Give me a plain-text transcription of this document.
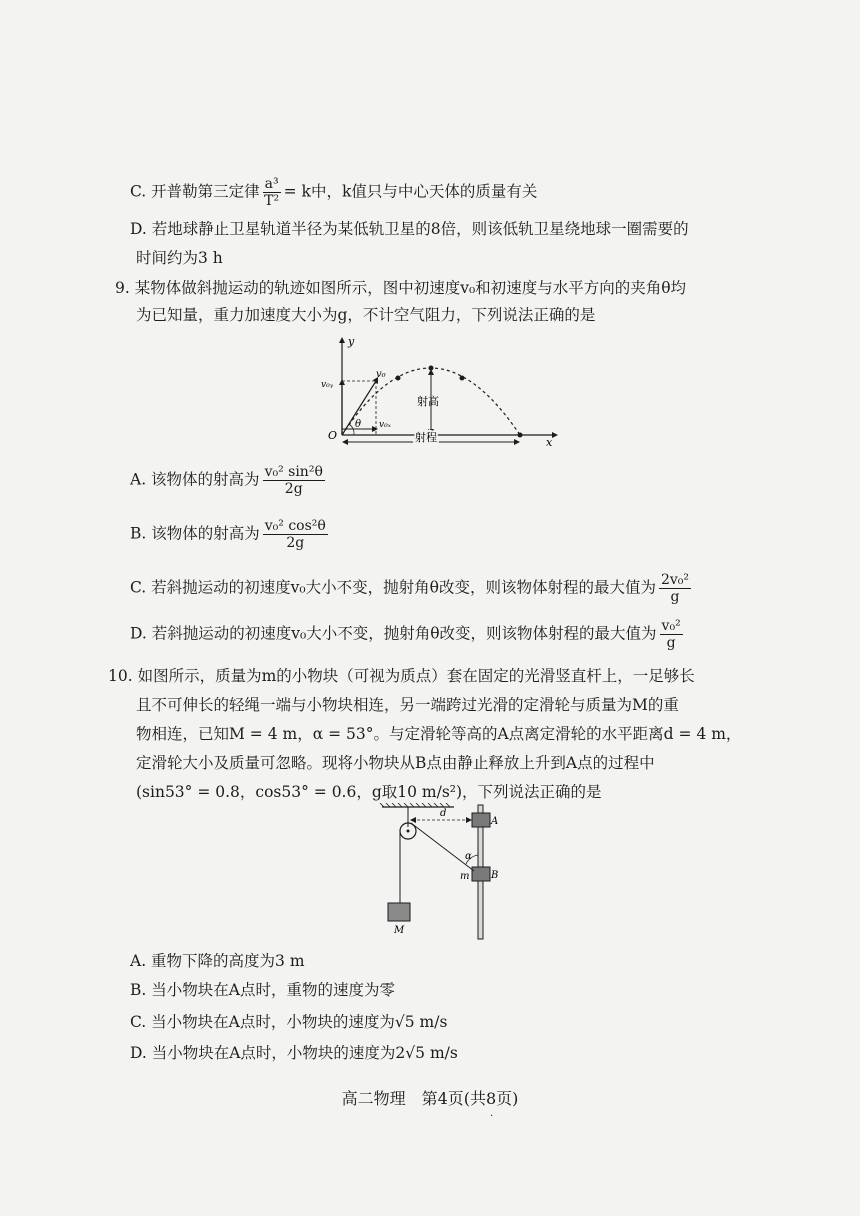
C. 开普勒第三定律 $\frac{\text{a³}}{\text{T²}} = k$中，k值只与中心天体的质量有关
D. 若地球静止卫星轨道半径为某低轨卫星的8倍，则该低轨卫星绕地球一圈需要的
时间约为3 h
9. 某物体做斜抛运动的轨迹如图所示，图中初速度v₀和初速度与水平方向的夹角θ均
为已知量，重力加速度大小为g，不计空气阻力，下列说法正确的是
y
x
O
v₀
v₀ᵧ
v₀ₓ
θ
射高
射程
A. 该物体的射高为 $\frac{\text{v₀² sin²θ}}{2g}$
B. 该物体的射高为 $\frac{\text{v₀² cos²θ}}{2g}$
C. 若斜抛运动的初速度v₀大小不变，抛射角θ改变，则该物体射程的最大值为 $\frac{\text{2v₀²}}{g}$
D. 若斜抛运动的初速度v₀大小不变，抛射角θ改变，则该物体射程的最大值为 $\frac{\text{v₀²}}{g}$
10. 如图所示，质量为m的小物块（可视为质点）套在固定的光滑竖直杆上，一足够长
且不可伸长的轻绳一端与小物块相连，另一端跨过光滑的定滑轮与质量为M的重
物相连，已知M = 4 m，α = 53°。与定滑轮等高的A点离定滑轮的水平距离d = 4 m，
定滑轮大小及质量可忽略。现将小物块从B点由静止释放上升到A点的过程中
(sin53° = 0.8，cos53° = 0.6，g取10 m/s²)，下列说法正确的是
d
A
B
m
M
α
A. 重物下降的高度为3 m
B. 当小物块在A点时，重物的速度为零
C. 当小物块在A点时，小物块的速度为√5 m/s
D. 当小物块在A点时，小物块的速度为2√5 m/s
高二物理　第4页(共8页)
·
